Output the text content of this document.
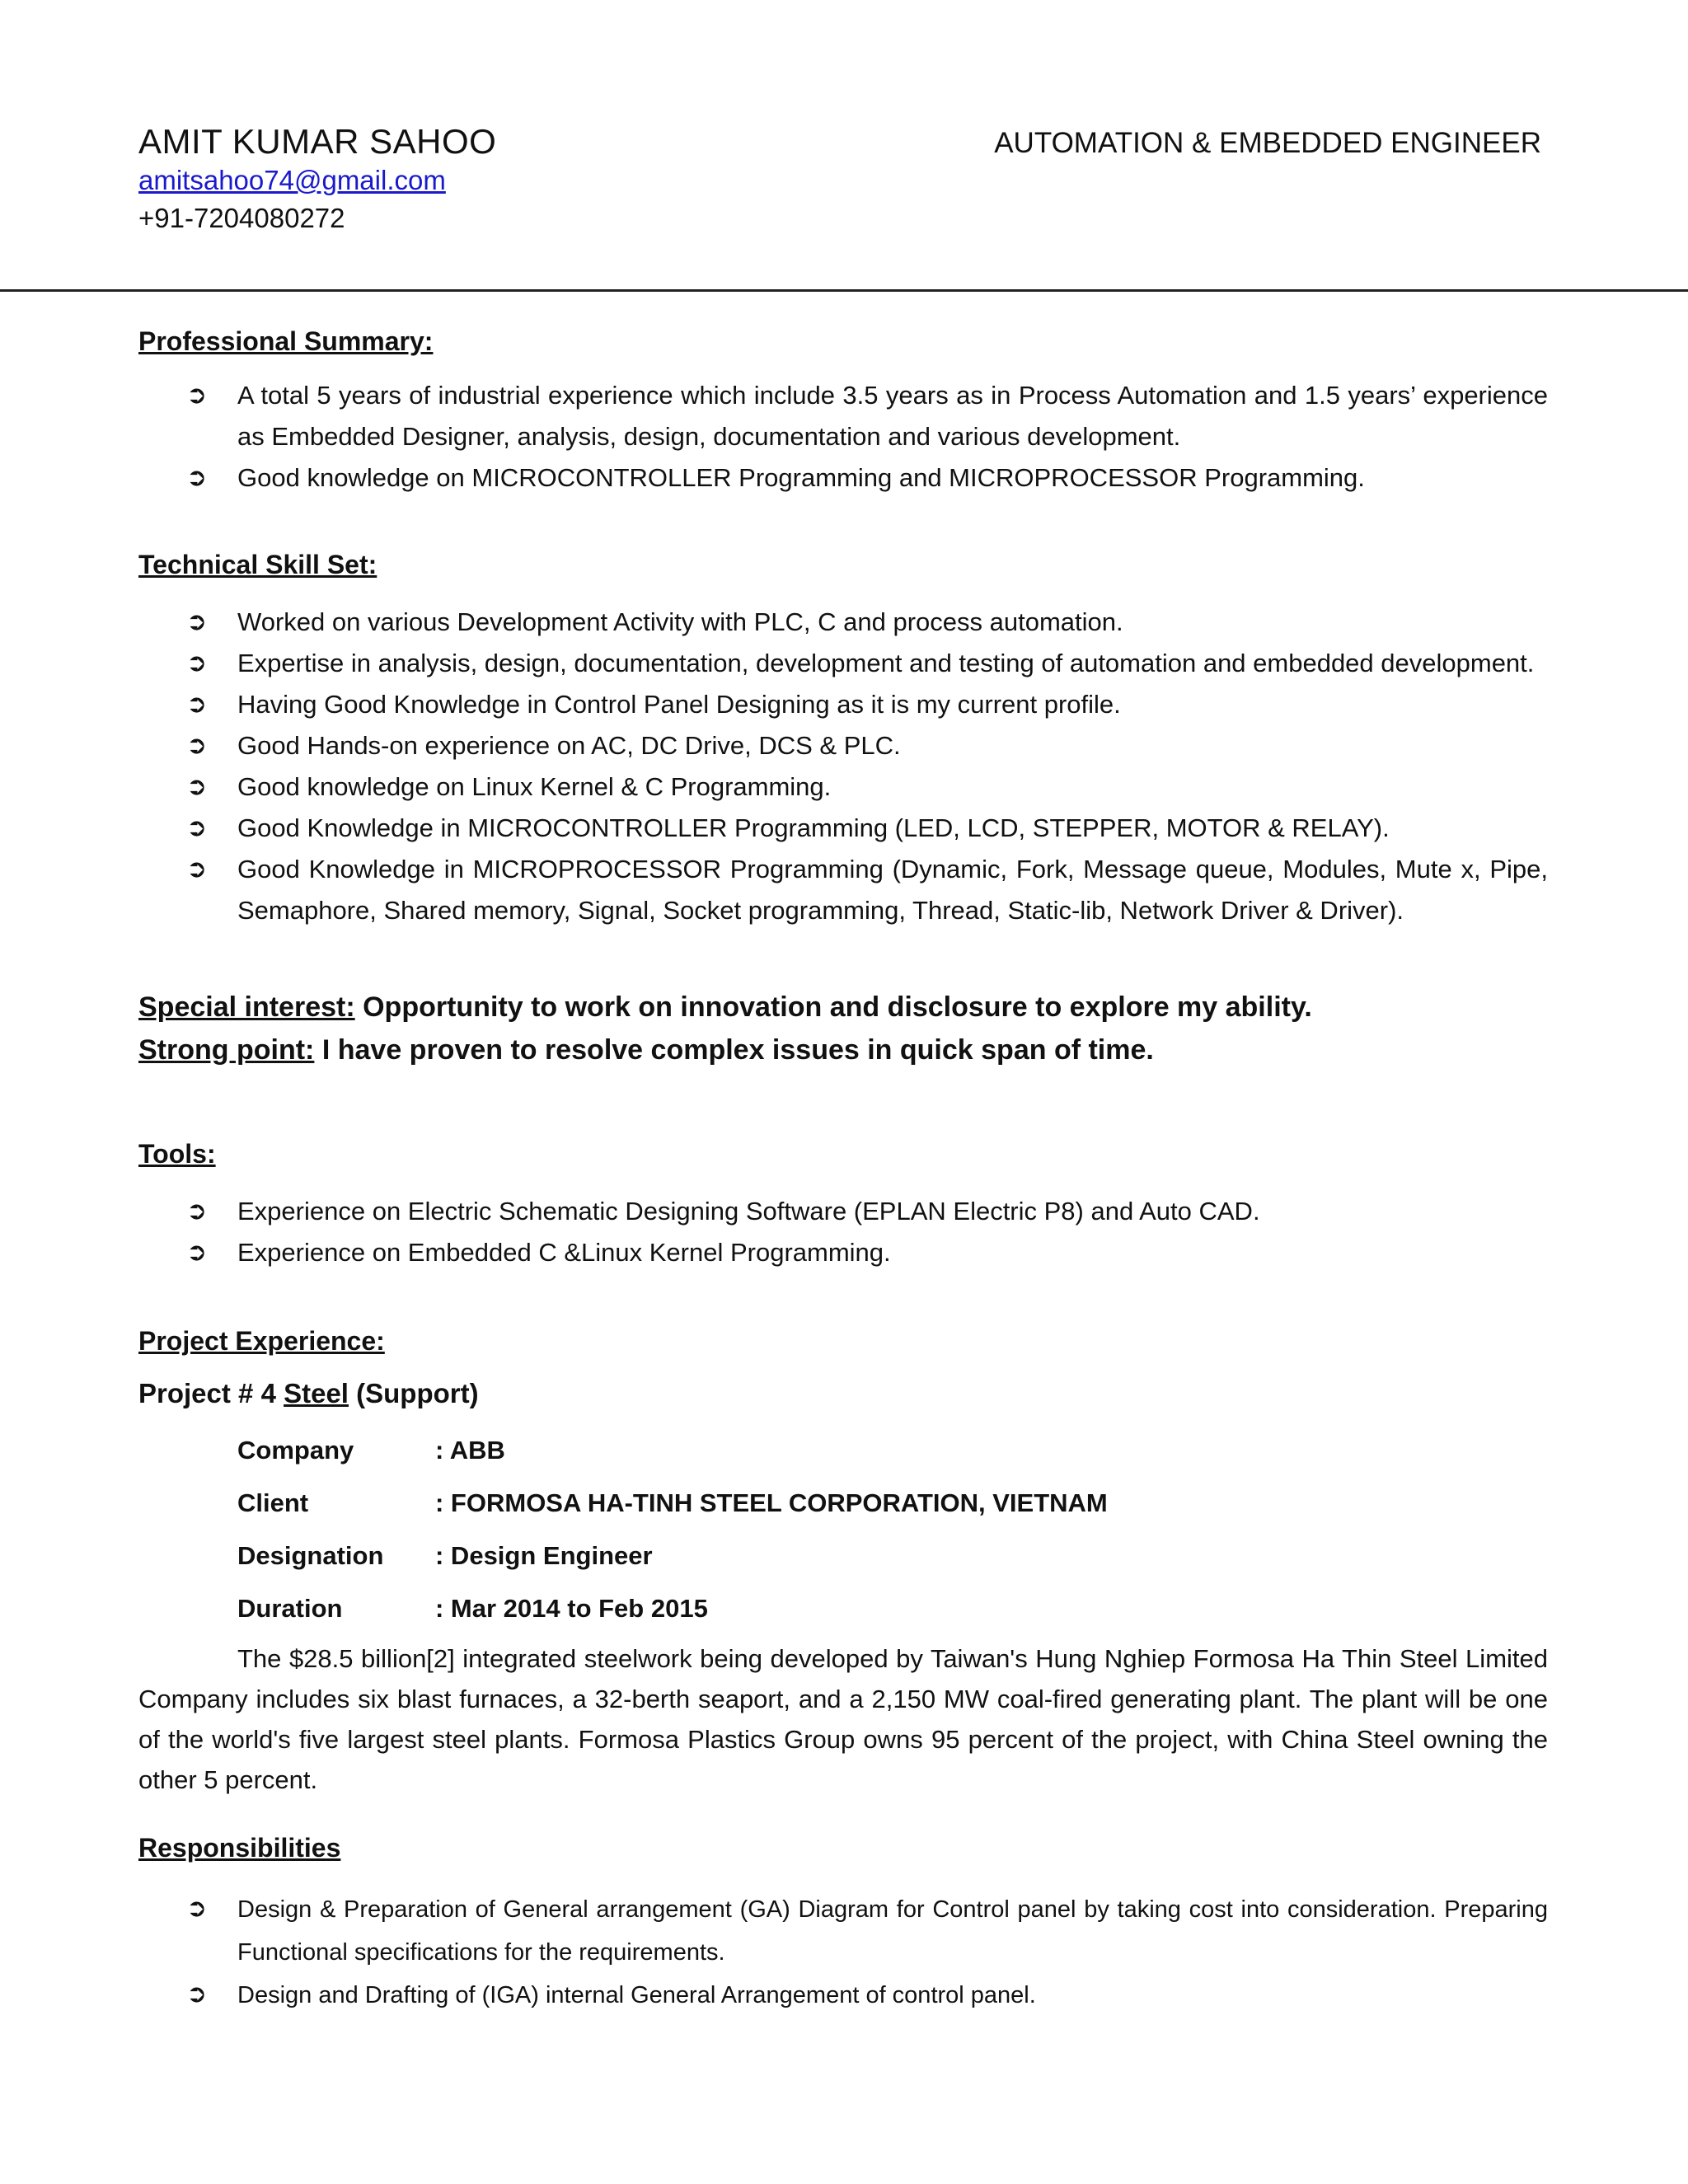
AMIT KUMAR SAHOO	AUTOMATION & EMBEDDED ENGINEER
amitsahoo74@gmail.com
+91-7204080272

Professional Summary:

➲ A total 5 years of industrial experience which include 3.5 years as in Process Automation and 1.5 years’ experience as Embedded Designer, analysis, design, documentation and various development.
➲ Good knowledge on MICROCONTROLLER Programming and MICROPROCESSOR Programming.

Technical Skill Set:

➲ Worked on various Development Activity with PLC, C and process automation.
➲ Expertise in analysis, design, documentation, development and testing of automation and embedded development.
➲ Having Good Knowledge in Control Panel Designing as it is my current profile.
➲ Good Hands-on experience on AC, DC Drive, DCS & PLC.
➲ Good knowledge on Linux Kernel & C Programming.
➲ Good Knowledge in MICROCONTROLLER Programming (LED, LCD, STEPPER, MOTOR & RELAY).
➲ Good Knowledge in MICROPROCESSOR Programming (Dynamic, Fork, Message queue, Modules, Mute x, Pipe, Semaphore, Shared memory, Signal, Socket programming, Thread, Static-lib, Network Driver & Driver).
Special interest: Opportunity to work on innovation and disclosure to explore my ability.
Strong point: I have proven to resolve complex issues in quick span of time.

Tools:

➲ Experience on Electric Schematic Designing Software (EPLAN Electric P8) and Auto CAD.
➲ Experience on Embedded C &Linux Kernel Programming.

Project Experience:

Project # 4 Steel (Support)

Company	: ABB
Client	: FORMOSA HA-TINH STEEL CORPORATION, VIETNAM
Designation	: Design Engineer
Duration	: Mar 2014 to Feb 2015

The $28.5 billion[2] integrated steelwork being developed by Taiwan's Hung Nghiep Formosa Ha Thin Steel Limited Company includes six blast furnaces, a 32-berth seaport, and a 2,150 MW coal-fired generating plant. The plant will be one of the world's five largest steel plants. Formosa Plastics Group owns 95 percent of the project, with China Steel owning the other 5 percent.

Responsibilities

➲ Design & Preparation of General arrangement (GA) Diagram for Control panel by taking cost into consideration. Preparing Functional specifications for the requirements.
➲ Design and Drafting of (IGA) internal General Arrangement of control panel.
